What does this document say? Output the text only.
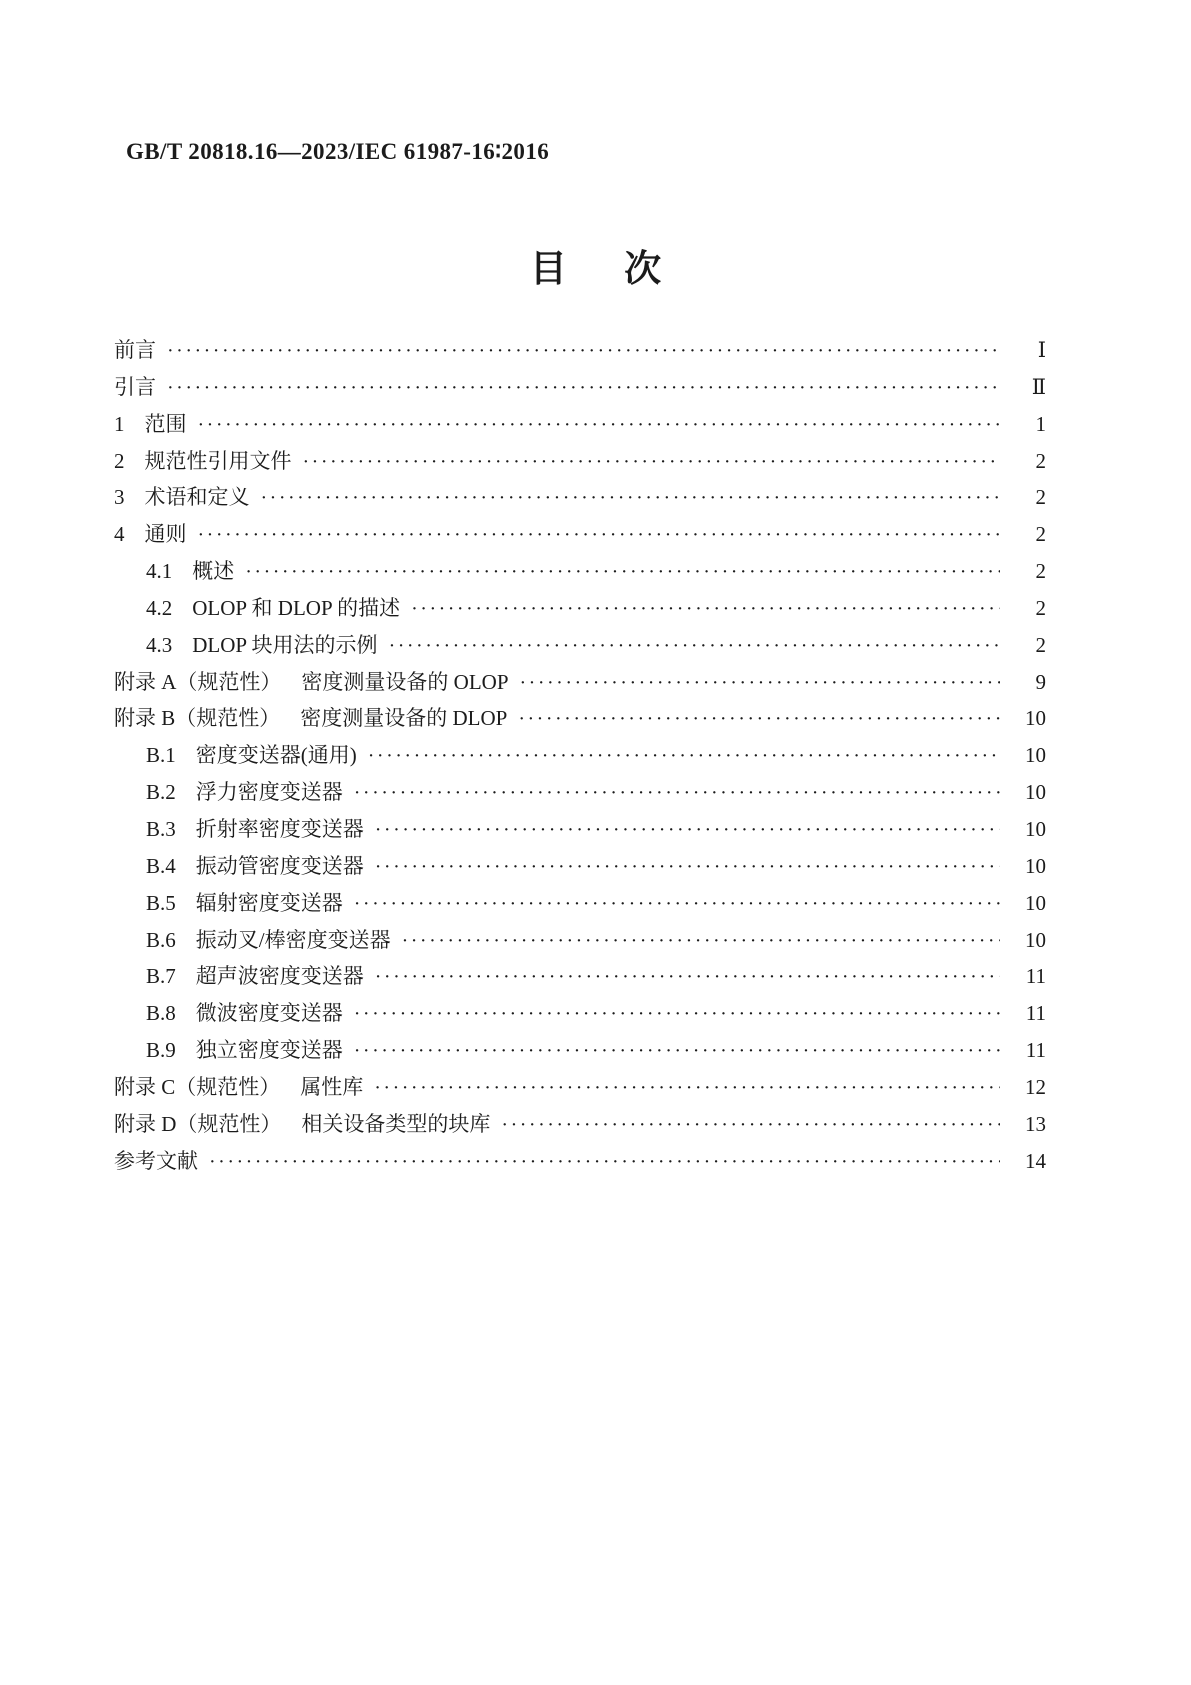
GB/T 20818.16—2023/IEC 61987-16∶2016
目次
前言 ·····	Ⅰ
引言 ·····	Ⅱ
1 范围 ·····	1
2 规范性引用文件 ·····	2
3 术语和定义 ·····	2
4 通则 ·····	2
4.1 概述 ·····	2
4.2 OLOP 和 DLOP 的描述 ·····	2
4.3 DLOP 块用法的示例 ·····	2
附录 A（规范性） 密度测量设备的 OLOP ·····	9
附录 B（规范性） 密度测量设备的 DLOP ·····	10
B.1 密度变送器(通用) ·····	10
B.2 浮力密度变送器 ·····	10
B.3 折射率密度变送器 ·····	10
B.4 振动管密度变送器 ·····	10
B.5 辐射密度变送器 ·····	10
B.6 振动叉/棒密度变送器 ·····	10
B.7 超声波密度变送器 ·····	11
B.8 微波密度变送器 ·····	11
B.9 独立密度变送器 ·····	11
附录 C（规范性） 属性库 ·····	12
附录 D（规范性） 相关设备类型的块库 ·····	13
参考文献 ·····	14
